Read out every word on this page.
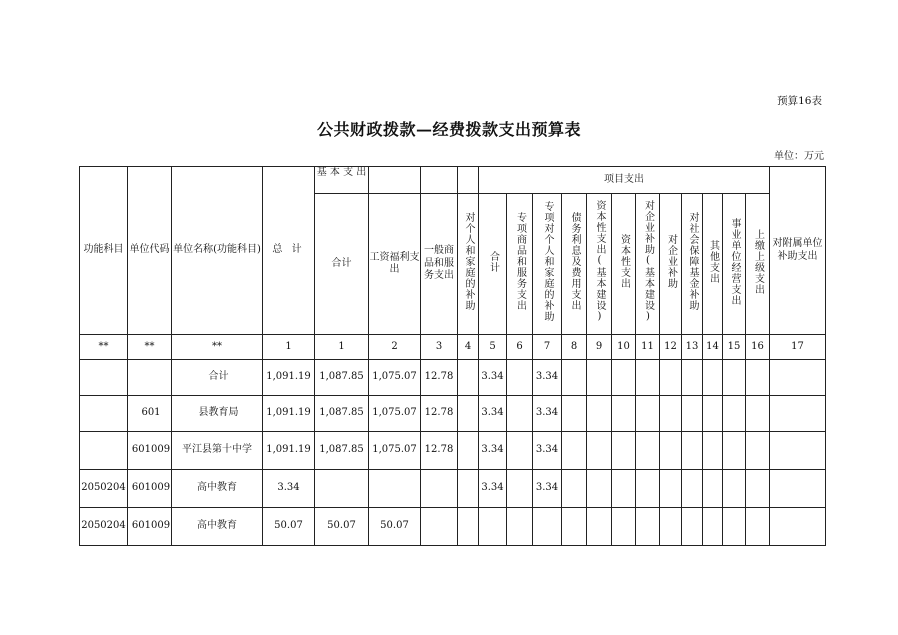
预算16表
公共财政拨款—经费拨款支出预算表
单位：万元
功能科目	单位代码	单位名称(功能科目)	总 计	基 本 支 出				项目支出												对附属单位补助支出
				合计	工资福利支出	一般商品和服务支出	对个人和家庭的补助	合计	专项商品和服务支出	专项对个人和家庭的补助	债务利息及费用支出	资本性支出(基本建设)	资本性支出	对企业补助(基本建设)	对企业补助	对社会保障基金补助	其他支出	事业单位经营支出	上缴上级支出	
**	**	**	1	1	2	3	4	5	6	7	8	9	10	11	12	13	14	15	16	17
		合计	1,091.19	1,087.85	1,075.07	12.78		3.34		3.34										
	601	县教育局	1,091.19	1,087.85	1,075.07	12.78		3.34		3.34										
	601009	平江县第十中学	1,091.19	1,087.85	1,075.07	12.78		3.34		3.34										
2050204	601009	高中教育	3.34					3.34		3.34										
2050204	601009	高中教育	50.07	50.07	50.07															
